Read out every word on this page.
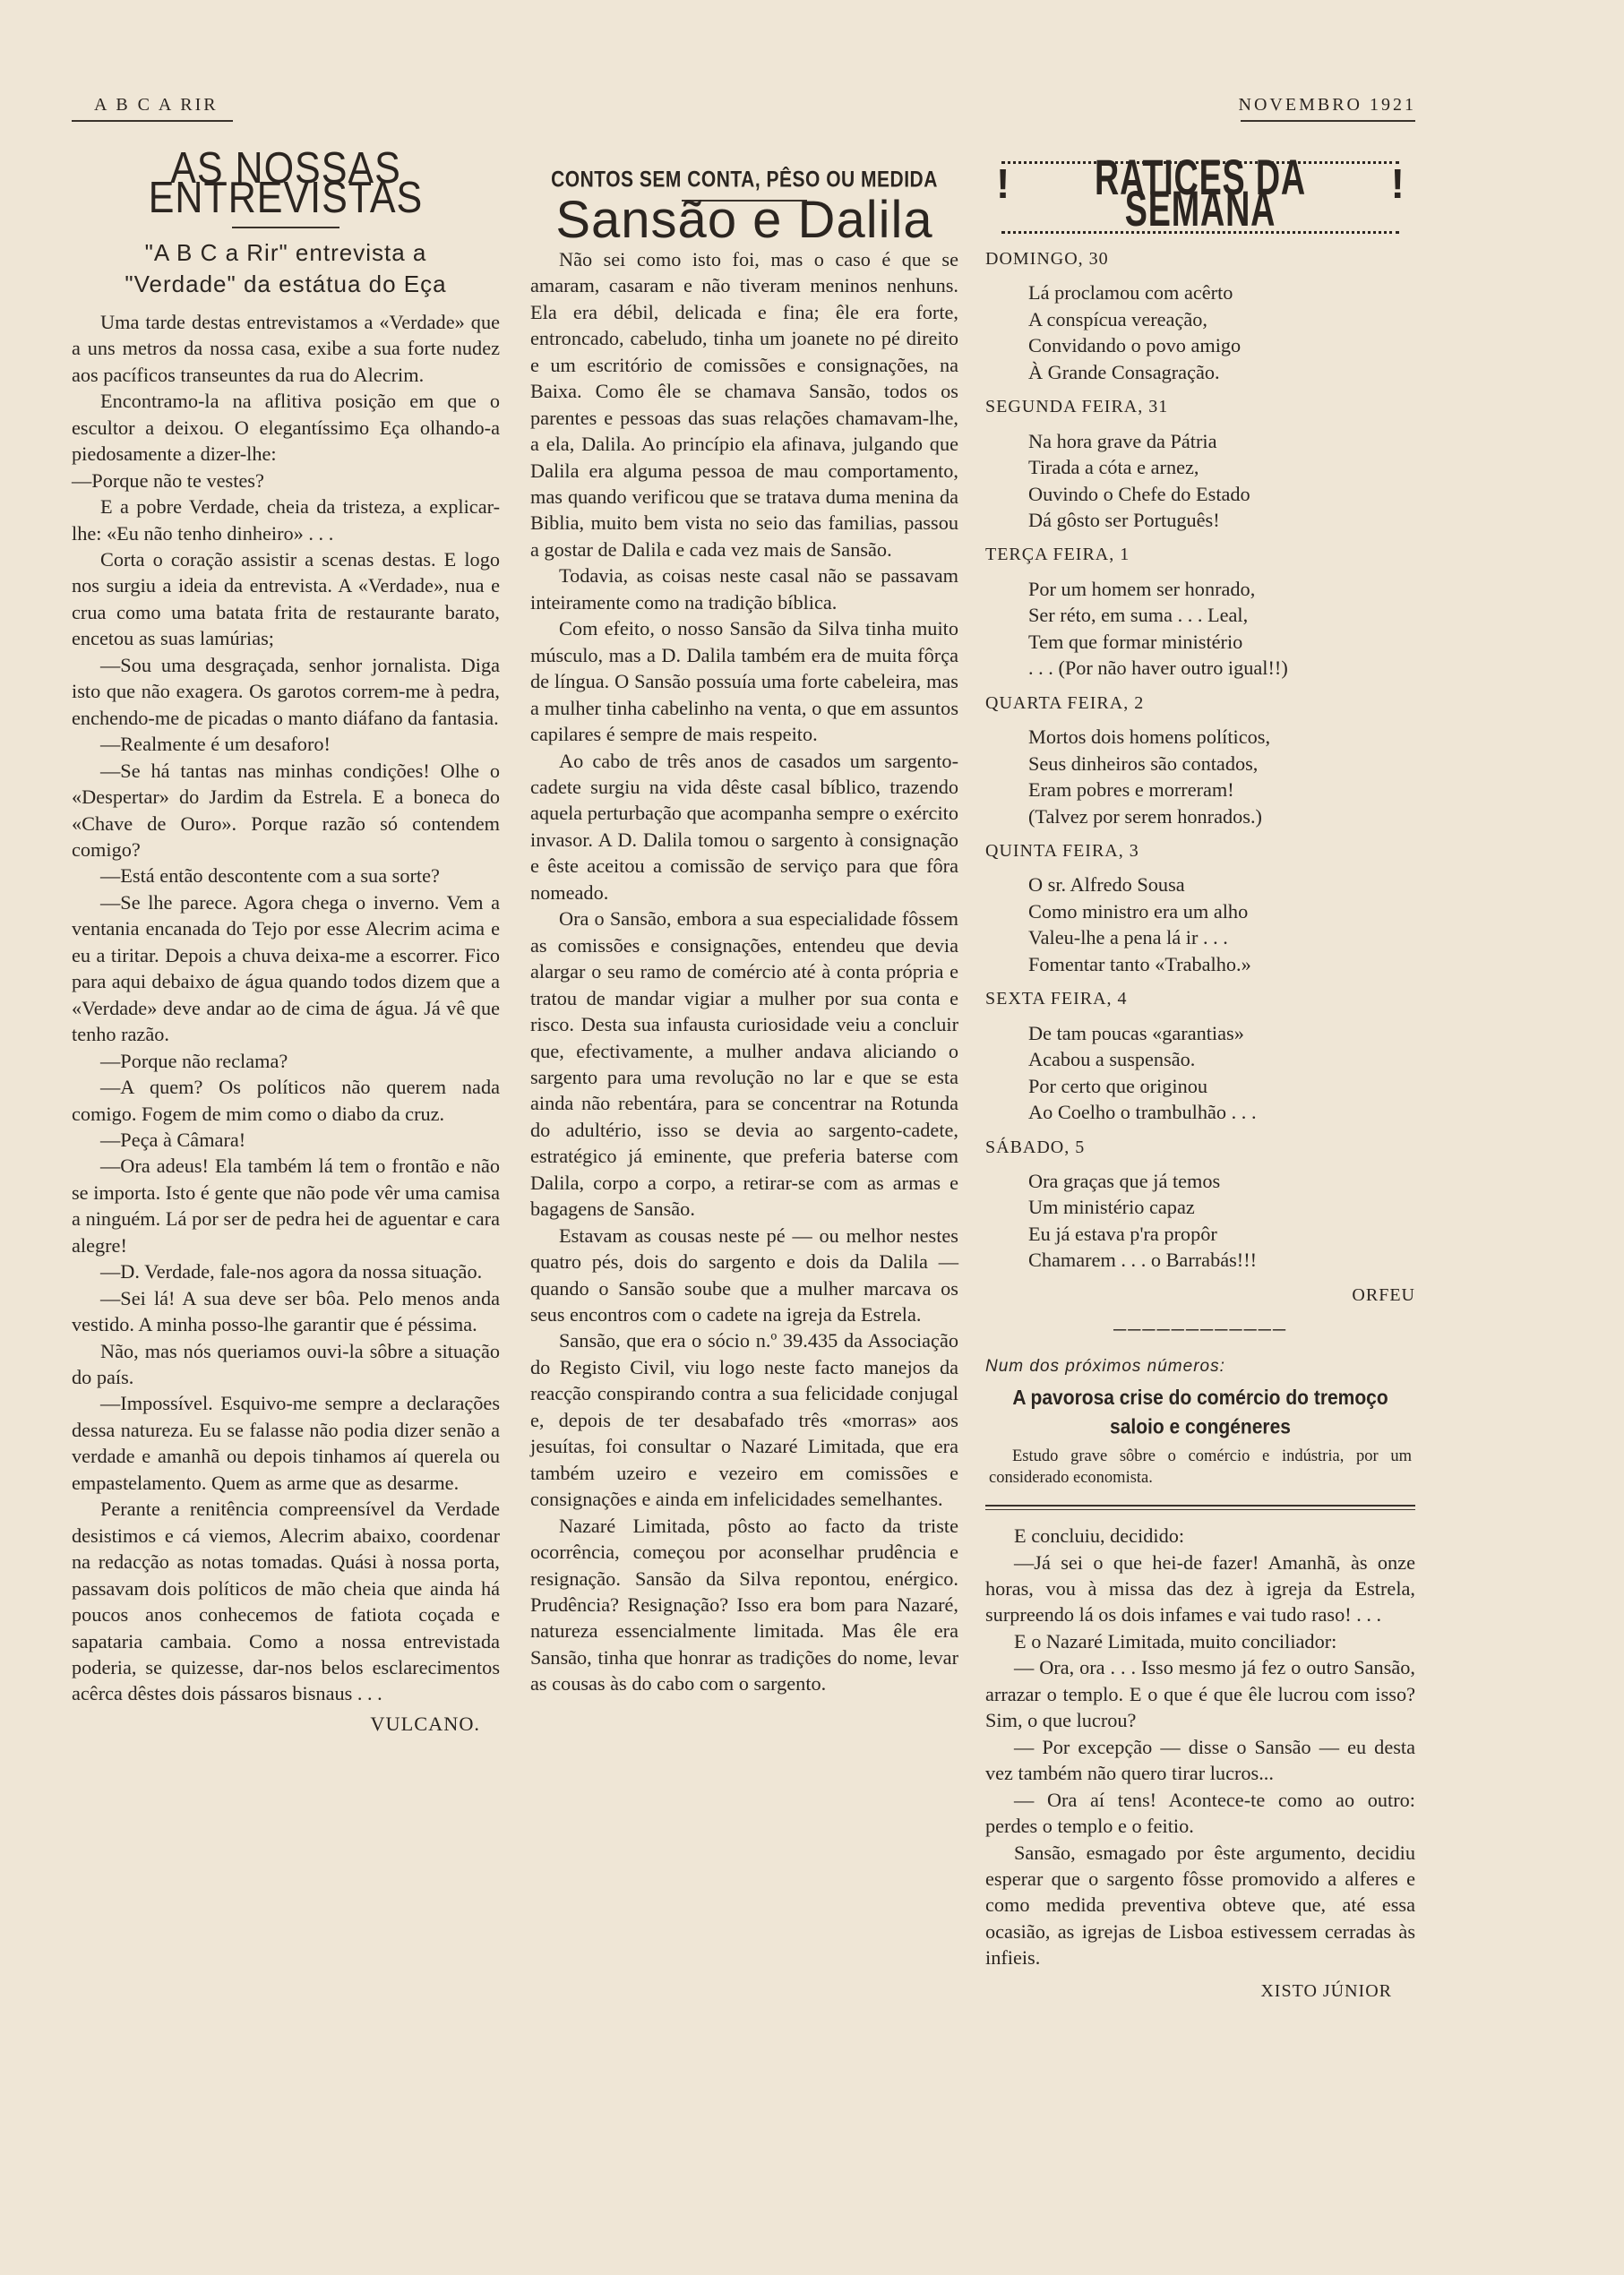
A B C A RIR	NOVEMBRO 1921
AS NOSSAS ENTREVISTAS
"A B C a Rir" entrevista a
"Verdade" da estátua do Eça

Uma tarde destas entrevistamos a «Verdade» que a uns metros da nossa casa, exibe a sua forte nudez aos pacíficos transeuntes da rua do Alecrim.

Encontramo-la na aflitiva posição em que o escultor a deixou. O elegantíssimo Eça olhando-a piedosamente a dizer-lhe:

—Porque não te vestes?

E a pobre Verdade, cheia da tristeza, a explicar-lhe: «Eu não tenho dinheiro» . . .

Corta o coração assistir a scenas destas. E logo nos surgiu a ideia da entrevista. A «Verdade», nua e crua como uma batata frita de restaurante barato, encetou as suas lamúrias;

—Sou uma desgraçada, senhor jornalista. Diga isto que não exagera. Os garotos correm-me à pedra, enchendo-me de picadas o manto diáfano da fantasia.

—Realmente é um desaforo!

—Se há tantas nas minhas condições! Olhe o «Despertar» do Jardim da Estrela. E a boneca do «Chave de Ouro». Porque razão só contendem comigo?

—Está então descontente com a sua sorte?

—Se lhe parece. Agora chega o inverno. Vem a ventania encanada do Tejo por esse Alecrim acima e eu a tiritar. Depois a chuva deixa-me a escorrer. Fico para aqui debaixo de água quando todos dizem que a «Verdade» deve andar ao de cima de água. Já vê que tenho razão.

—Porque não reclama?

—A quem? Os políticos não querem nada comigo. Fogem de mim como o diabo da cruz.

—Peça à Câmara!

—Ora adeus! Ela também lá tem o frontão e não se importa. Isto é gente que não pode vêr uma camisa a ninguém. Lá por ser de pedra hei de aguentar e cara alegre!

—D. Verdade, fale-nos agora da nossa situação.

—Sei lá! A sua deve ser bôa. Pelo menos anda vestido. A minha posso-lhe garantir que é péssima.

Não, mas nós queriamos ouvi-la sôbre a situação do país.

—Impossível. Esquivo-me sempre a declarações dessa natureza. Eu se falasse não podia dizer senão a verdade e amanhã ou depois tinhamos aí querela ou empastelamento. Quem as arme que as desarme.

Perante a renitência compreensível da Verdade desistimos e cá viemos, Alecrim abaixo, coordenar na redacção as notas tomadas. Quási à nossa porta, passavam dois políticos de mão cheia que ainda há poucos anos conhecemos de fatiota coçada e sapataria cambaia. Como a nossa entrevistada poderia, se quizesse, dar-nos belos esclarecimentos acêrca dêstes dois pássaros bisnaus . . .

VULCANO.
CONTOS SEM CONTA, PÊSO OU MEDIDA
Sansão e Dalila

Não sei como isto foi, mas o caso é que se amaram, casaram e não tiveram meninos nenhuns. Ela era débil, delicada e fina; êle era forte, entroncado, cabeludo, tinha um joanete no pé direito e um escritório de comissões e consignações, na Baixa. Como êle se chamava Sansão, todos os parentes e pessoas das suas relações chamavam-lhe, a ela, Dalila. Ao princípio ela afinava, julgando que Dalila era alguma pessoa de mau comportamento, mas quando verificou que se tratava duma menina da Biblia, muito bem vista no seio das familias, passou a gostar de Dalila e cada vez mais de Sansão.

Todavia, as coisas neste casal não se passavam inteiramente como na tradição bíblica.

Com efeito, o nosso Sansão da Silva tinha muito músculo, mas a D. Dalila também era de muita fôrça de língua. O Sansão possuía uma forte cabeleira, mas a mulher tinha cabelinho na venta, o que em assuntos capilares é sempre de mais respeito.

Ao cabo de três anos de casados um sargento-cadete surgiu na vida dêste casal bíblico, trazendo aquela perturbação que acompanha sempre o exército invasor. A D. Dalila tomou o sargento à consignação e êste aceitou a comissão de serviço para que fôra nomeado.

Ora o Sansão, embora a sua especialidade fôssem as comissões e consignações, entendeu que devia alargar o seu ramo de comércio até à conta própria e tratou de mandar vigiar a mulher por sua conta e risco. Desta sua infausta curiosidade veiu a concluir que, efectivamente, a mulher andava aliciando o sargento para uma revolução no lar e que se esta ainda não rebentára, para se concentrar na Rotunda do adultério, isso se devia ao sargento-cadete, estratégico já eminente, que preferia baterse com Dalila, corpo a corpo, a retirar-se com as armas e bagagens de Sansão.

Estavam as cousas neste pé — ou melhor nestes quatro pés, dois do sargento e dois da Dalila — quando o Sansão soube que a mulher marcava os seus encontros com o cadete na igreja da Estrela.

Sansão, que era o sócio n.º 39.435 da Associação do Registo Civil, viu logo neste facto manejos da reacção conspirando contra a sua felicidade conjugal e, depois de ter desabafado três «morras» aos jesuítas, foi consultar o Nazaré Limitada, que era também uzeiro e vezeiro em comissões e consignações e ainda em infelicidades semelhantes.

Nazaré Limitada, pôsto ao facto da triste ocorrência, começou por aconselhar prudência e resignação. Sansão da Silva repontou, enérgico. Prudência? Resignação? Isso era bom para Nazaré, natureza essencialmente limitada. Mas êle era Sansão, tinha que honrar as tradições do nome, levar as cousas às do cabo com o sargento.

! RATICES DA SEMANA	!
DOMINGO, 30
Lá proclamou com acêrto
A conspícua vereação,
Convidando o povo amigo
À Grande Consagração.
SEGUNDA FEIRA, 31
Na hora grave da Pátria
Tirada a cóta e arnez,
Ouvindo o Chefe do Estado
Dá gôsto ser Português!
TERÇA FEIRA, 1
Por um homem ser honrado,
Ser réto, em suma . . . Leal,
Tem que formar ministério
. . . (Por não haver outro igual!!)
QUARTA FEIRA, 2
Mortos dois homens políticos,
Seus dinheiros são contados,
Eram pobres e morreram!
(Talvez por serem honrados.)
QUINTA FEIRA, 3
O sr. Alfredo Sousa
Como ministro era um alho
Valeu-lhe a pena lá ir . . .
Fomentar tanto «Trabalho.»
SEXTA FEIRA, 4
De tam poucas «garantias»
Acabou a suspensão.
Por certo que originou
Ao Coelho o trambulhão . . .
SÁBADO, 5
Ora graças que já temos
Um ministério capaz
Eu já estava p'ra propôr
Chamarem . . . o Barrabás!!!
ORFEU
────────────
Num dos próximos números:
A pavorosa crise do comércio do tremoço
saloio e congéneres
Estudo grave sôbre o comércio e indústria, por um considerado economista.

E concluiu, decidido:

—Já sei o que hei-de fazer! Amanhã, às onze horas, vou à missa das dez à igreja da Estrela, surpreendo lá os dois infames e vai tudo raso! . . .

E o Nazaré Limitada, muito conciliador:

— Ora, ora . . . Isso mesmo já fez o outro Sansão, arrazar o templo. E o que é que êle lucrou com isso? Sim, o que lucrou?

— Por excepção — disse o Sansão — eu desta vez também não quero tirar lucros...

— Ora aí tens! Acontece-te como ao outro: perdes o templo e o feitio.

Sansão, esmagado por êste argumento, decidiu esperar que o sargento fôsse promovido a alferes e como medida preventiva obteve que, até essa ocasião, as igrejas de Lisboa estivessem cerradas às infieis.

XISTO JÚNIOR
